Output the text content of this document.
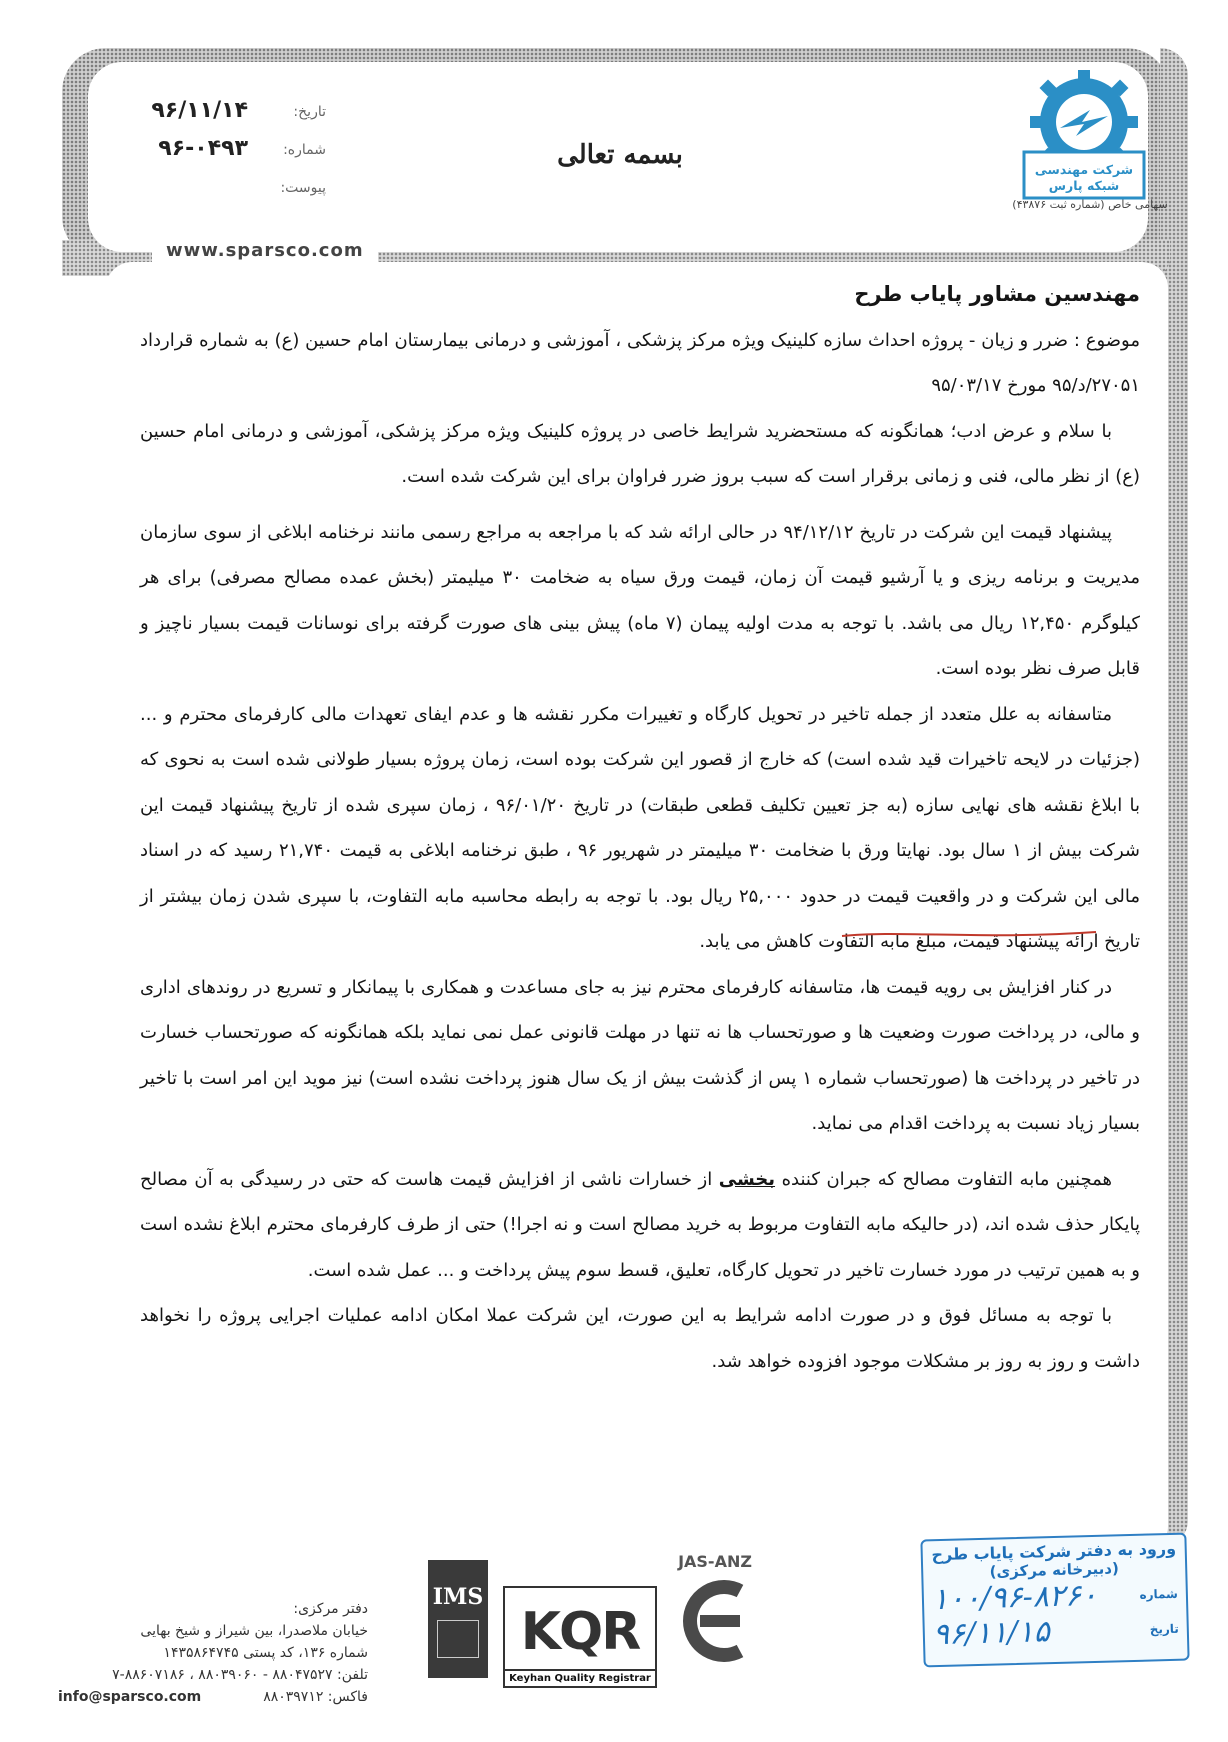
www.sparsco.com
تاریخ:
۹۶/۱۱/۱۴
شماره:
۹۶-۰۴۹۳
پیوست:
بسمه تعالی	شرکت مهندسی شبکه پارس
سهامی خاص (شماره ثبت ۴۳۸۷۶)

مهندسین مشاور پایاب طرح

موضوع : ضرر و زیان - پروژه احداث سازه کلینیک ویژه مرکز پزشکی ، آموزشی و درمانی بیمارستان امام حسین (ع) به شماره قرارداد ۲۷۰۵۱/د/۹۵ مورخ ۹۵/۰۳/۱۷

با سلام و عرض ادب؛ همانگونه که مستحضرید شرایط خاصی در پروژه کلینیک ویژه مرکز پزشکی، آموزشی و درمانی امام حسین (ع) از نظر مالی، فنی و زمانی برقرار است که سبب بروز ضرر فراوان برای این شرکت شده است.

پیشنهاد قیمت این شرکت در تاریخ ۹۴/۱۲/۱۲ در حالی ارائه شد که با مراجعه به مراجع رسمی مانند نرخنامه ابلاغی از سوی سازمان مدیریت و برنامه ریزی و یا آرشیو قیمت آن زمان، قیمت ورق سیاه به ضخامت ۳۰ میلیمتر (بخش عمده مصالح مصرفی) برای هر کیلوگرم ۱۲,۴۵۰ ریال می باشد. با توجه به مدت اولیه پیمان (۷ ماه) پیش بینی های صورت گرفته برای نوسانات قیمت بسیار ناچیز و قابل صرف نظر بوده است.

متاسفانه به علل متعدد از جمله تاخیر در تحویل کارگاه و تغییرات مکرر نقشه ها و عدم ایفای تعهدات مالی کارفرمای محترم و ... (جزئیات در لایحه تاخیرات قید شده است) که خارج از قصور این شرکت بوده است، زمان پروژه بسیار طولانی شده است به نحوی که با ابلاغ نقشه های نهایی سازه (به جز تعیین تکلیف قطعی طبقات) در تاریخ ۹۶/۰۱/۲۰ ، زمان سپری شده از تاریخ پیشنهاد قیمت این شرکت بیش از ۱ سال بود. نهایتا ورق با ضخامت ۳۰ میلیمتر در شهریور ۹۶ ، طبق نرخنامه ابلاغی به قیمت ۲۱,۷۴۰ رسید که در اسناد مالی این شرکت و در واقعیت قیمت در حدود ۲۵,۰۰۰ ریال بود. با توجه به رابطه محاسبه مابه التفاوت، با سپری شدن زمان بیشتر از تاریخ ارائه پیشنهاد قیمت، مبلغ مابه التفاوت کاهش می یابد.

در کنار افزایش بی رویه قیمت ها، متاسفانه کارفرمای محترم نیز به جای مساعدت و همکاری با پیمانکار و تسریع در روندهای اداری و مالی، در پرداخت صورت وضعیت ها و صورتحساب ها نه تنها در مهلت قانونی عمل نمی نماید بلکه همانگونه که صورتحساب خسارت در تاخیر در پرداخت ها (صورتحساب شماره ۱ پس از گذشت بیش از یک سال هنوز پرداخت نشده است) نیز موید این امر است با تاخیر بسیار زیاد نسبت به پرداخت اقدام می نماید.

همچنین مابه التفاوت مصالح که جبران کننده بخشی از خسارات ناشی از افزایش قیمت هاست که حتی در رسیدگی به آن مصالح پایکار حذف شده اند، (در حالیکه مابه التفاوت مربوط به خرید مصالح است و نه اجرا!) حتی از طرف کارفرمای محترم ابلاغ نشده است و به همین ترتیب در مورد خسارت تاخیر در تحویل کارگاه، تعلیق، قسط سوم پیش پرداخت و ... عمل شده است.

با توجه به مسائل فوق و در صورت ادامه شرایط به این صورت، این شرکت عملا امکان ادامه عملیات اجرایی پروژه را نخواهد داشت و روز به روز بر مشکلات موجود افزوده خواهد شد.

دفتر مرکزی:
خیابان ملاصدرا، بین شیراز و شیخ بهایی
شماره ۱۳۶، کد پستی ۱۴۳۵۸۶۴۷۴۵
تلفن: ۸۸۰۴۷۵۲۷ - ۸۸۰۳۹۰۶۰ ، ۸۸۶۰۷۱۸۶-۷
info@sparsco.com	فاکس: ۸۸۰۳۹۷۱۲
IMS
KQR
Keyhan Quality Registrar
JAS-ANZ	ورود به دفتر شرکت پایاب طرح
(دبیرخانه مرکزی)
شماره
۱۰۰/۹۶-۸۲۶۰
تاریخ
۹۶/۱۱/۱۵
